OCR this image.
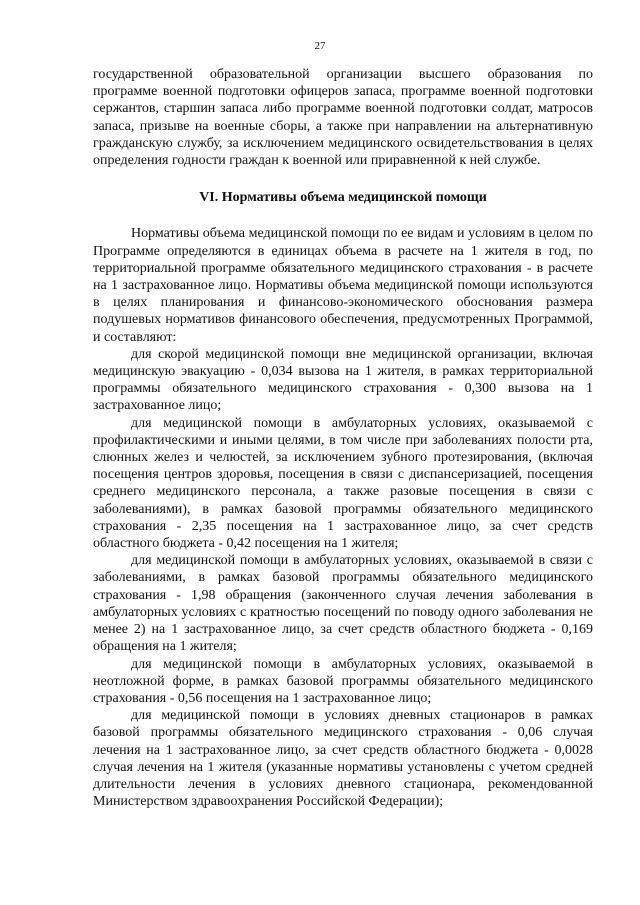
27

государственной образовательной организации высшего образования по программе военной подготовки офицеров запаса, программе военной подготовки сержантов, старшин запаса либо программе военной подготовки солдат, матросов запаса, призыве на военные сборы, а также при направлении на альтернативную гражданскую службу, за исключением медицинского освидетельствования в целях определения годности граждан к военной или приравненной к ней службе.

VI. Нормативы объема медицинской помощи

Нормативы объема медицинской помощи по ее видам и условиям в целом по Программе определяются в единицах объема в расчете на 1 жителя в год, по территориальной программе обязательного медицинского страхования - в расчете на 1 застрахованное лицо. Нормативы объема медицинской помощи используются в целях планирования и финансово-экономического обоснования размера подушевых нормативов финансового обеспечения, предусмотренных Программой, и составляют:

для скорой медицинской помощи вне медицинской организации, включая медицинскую эвакуацию - 0,034 вызова на 1 жителя, в рамках территориальной программы обязательного медицинского страхования - 0,300 вызова на 1 застрахованное лицо;

для медицинской помощи в амбулаторных условиях, оказываемой с профилактическими и иными целями, в том числе при заболеваниях полости рта, слюнных желез и челюстей, за исключением зубного протезирования, (включая посещения центров здоровья, посещения в связи с диспансеризацией, посещения среднего медицинского персонала, а также разовые посещения в связи с заболеваниями), в рамках базовой программы обязательного медицинского страхования - 2,35 посещения на 1 застрахованное лицо, за счет средств областного бюджета - 0,42 посещения на 1 жителя;

для медицинской помощи в амбулаторных условиях, оказываемой в связи с заболеваниями, в рамках базовой программы обязательного медицинского страхования - 1,98 обращения (законченного случая лечения заболевания в амбулаторных условиях с кратностью посещений по поводу одного заболевания не менее 2) на 1 застрахованное лицо, за счет средств областного бюджета - 0,169 обращения на 1 жителя;

для медицинской помощи в амбулаторных условиях, оказываемой в неотложной форме, в рамках базовой программы обязательного медицинского страхования - 0,56 посещения на 1 застрахованное лицо;

для медицинской помощи в условиях дневных стационаров в рамках базовой программы обязательного медицинского страхования - 0,06 случая лечения на 1 застрахованное лицо, за счет средств областного бюджета - 0,0028 случая лечения на 1 жителя (указанные нормативы установлены с учетом средней длительности лечения в условиях дневного стационара, рекомендованной Министерством здравоохранения Российской Федерации);
